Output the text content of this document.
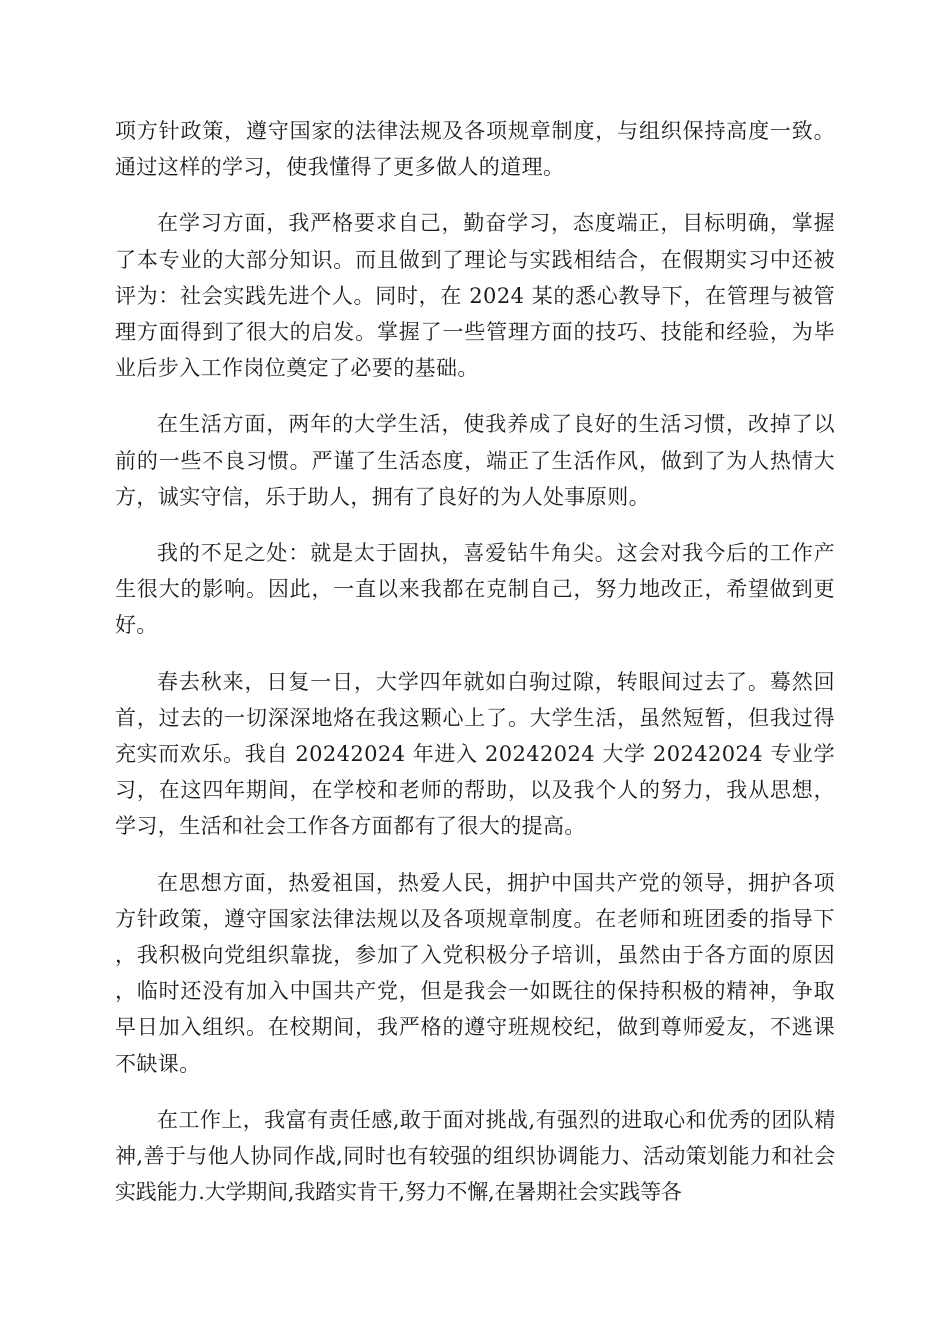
项方针政策，遵守国家的法律法规及各项规章制度，与组织保持高度一致。通过这样的学习，使我懂得了更多做人的道理。

在学习方面，我严格要求自己，勤奋学习，态度端正，目标明确，掌握了本专业的大部分知识。而且做到了理论与实践相结合，在假期实习中还被评为：社会实践先进个人。同时，在 2024 某的悉心教导下，在管理与被管理方面得到了很大的启发。掌握了一些管理方面的技巧、技能和经验，为毕业后步入工作岗位奠定了必要的基础。

在生活方面，两年的大学生活，使我养成了良好的生活习惯，改掉了以前的一些不良习惯。严谨了生活态度，端正了生活作风，做到了为人热情大方，诚实守信，乐于助人，拥有了良好的为人处事原则。

我的不足之处：就是太于固执，喜爱钻牛角尖。这会对我今后的工作产生很大的影响。因此，一直以来我都在克制自己，努力地改正，希望做到更好。

春去秋来，日复一日，大学四年就如白驹过隙，转眼间过去了。蓦然回首，过去的一切深深地烙在我这颗心上了。大学生活，虽然短暂，但我过得充实而欢乐。我自 20242024 年进入 20242024 大学 20242024 专业学习，在这四年期间，在学校和老师的帮助，以及我个人的努力，我从思想，学习，生活和社会工作各方面都有了很大的提高。

在思想方面，热爱祖国，热爱人民，拥护中国共产党的领导，拥护各项方针政策，遵守国家法律法规以及各项规章制度。在老师和班团委的指导下，我积极向党组织靠拢，参加了入党积极分子培训，虽然由于各方面的原因，临时还没有加入中国共产党，但是我会一如既往的保持积极的精神，争取早日加入组织。在校期间，我严格的遵守班规校纪，做到尊师爱友，不逃课不缺课。

在工作上，我富有责任感,敢于面对挑战,有强烈的进取心和优秀的团队精神,善于与他人协同作战,同时也有较强的组织协调能力、活动策划能力和社会实践能力.大学期间,我踏实肯干,努力不懈,在暑期社会实践等各
